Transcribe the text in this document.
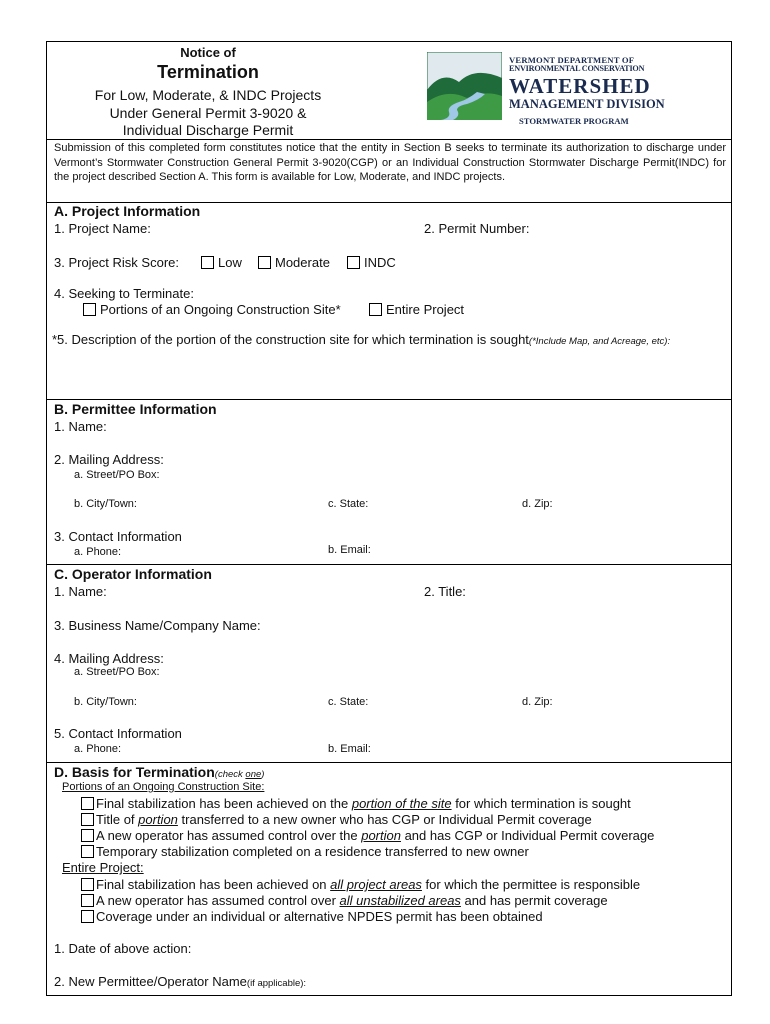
Notice of
Termination
For Low, Moderate, & INDC Projects
Under General Permit 3-9020 &
Individual Discharge Permit
VERMONT DEPARTMENT OF
ENVIRONMENTAL CONSERVATION
WATERSHED
MANAGEMENT DIVISION
STORMWATER PROGRAM
Submission of this completed form constitutes notice that the entity in Section B seeks to terminate its authorization to discharge under Vermont’s Stormwater Construction General Permit 3-9020(CGP) or an Individual Construction Stormwater Discharge Permit(INDC) for the project described Section A. This form is available for Low, Moderate, and INDC projects.
A. Project Information
1. Project Name:	2. Permit Number:
3. Project Risk Score:	Low	Moderate	INDC
4. Seeking to Terminate:
Portions of an Ongoing Construction Site*	Entire Project
*5. Description of the portion of the construction site for which termination is sought(*Include Map, and Acreage, etc):
B. Permittee Information
1. Name:
2. Mailing Address:
a. Street/PO Box:
b. City/Town:	c. State:	d. Zip:
3. Contact Information
a. Phone:	b. Email:
C. Operator Information
1. Name:	2. Title:
3. Business Name/Company Name:
4. Mailing Address:
a. Street/PO Box:
b. City/Town:	c. State:	d. Zip:
5. Contact Information
a. Phone:	b. Email:
D. Basis for Termination(check one)
Portions of an Ongoing Construction Site:
Final stabilization has been achieved on the portion of the site for which termination is sought
Title of portion transferred to a new owner who has CGP or Individual Permit coverage
A new operator has assumed control over the portion and has CGP or Individual Permit coverage
Temporary stabilization completed on a residence transferred to new owner
Entire Project:
Final stabilization has been achieved on all project areas for which the permittee is responsible
A new operator has assumed control over all unstabilized areas and has permit coverage
Coverage under an individual or alternative NPDES permit has been obtained
1. Date of above action:
2. New Permittee/Operator Name(if applicable):
